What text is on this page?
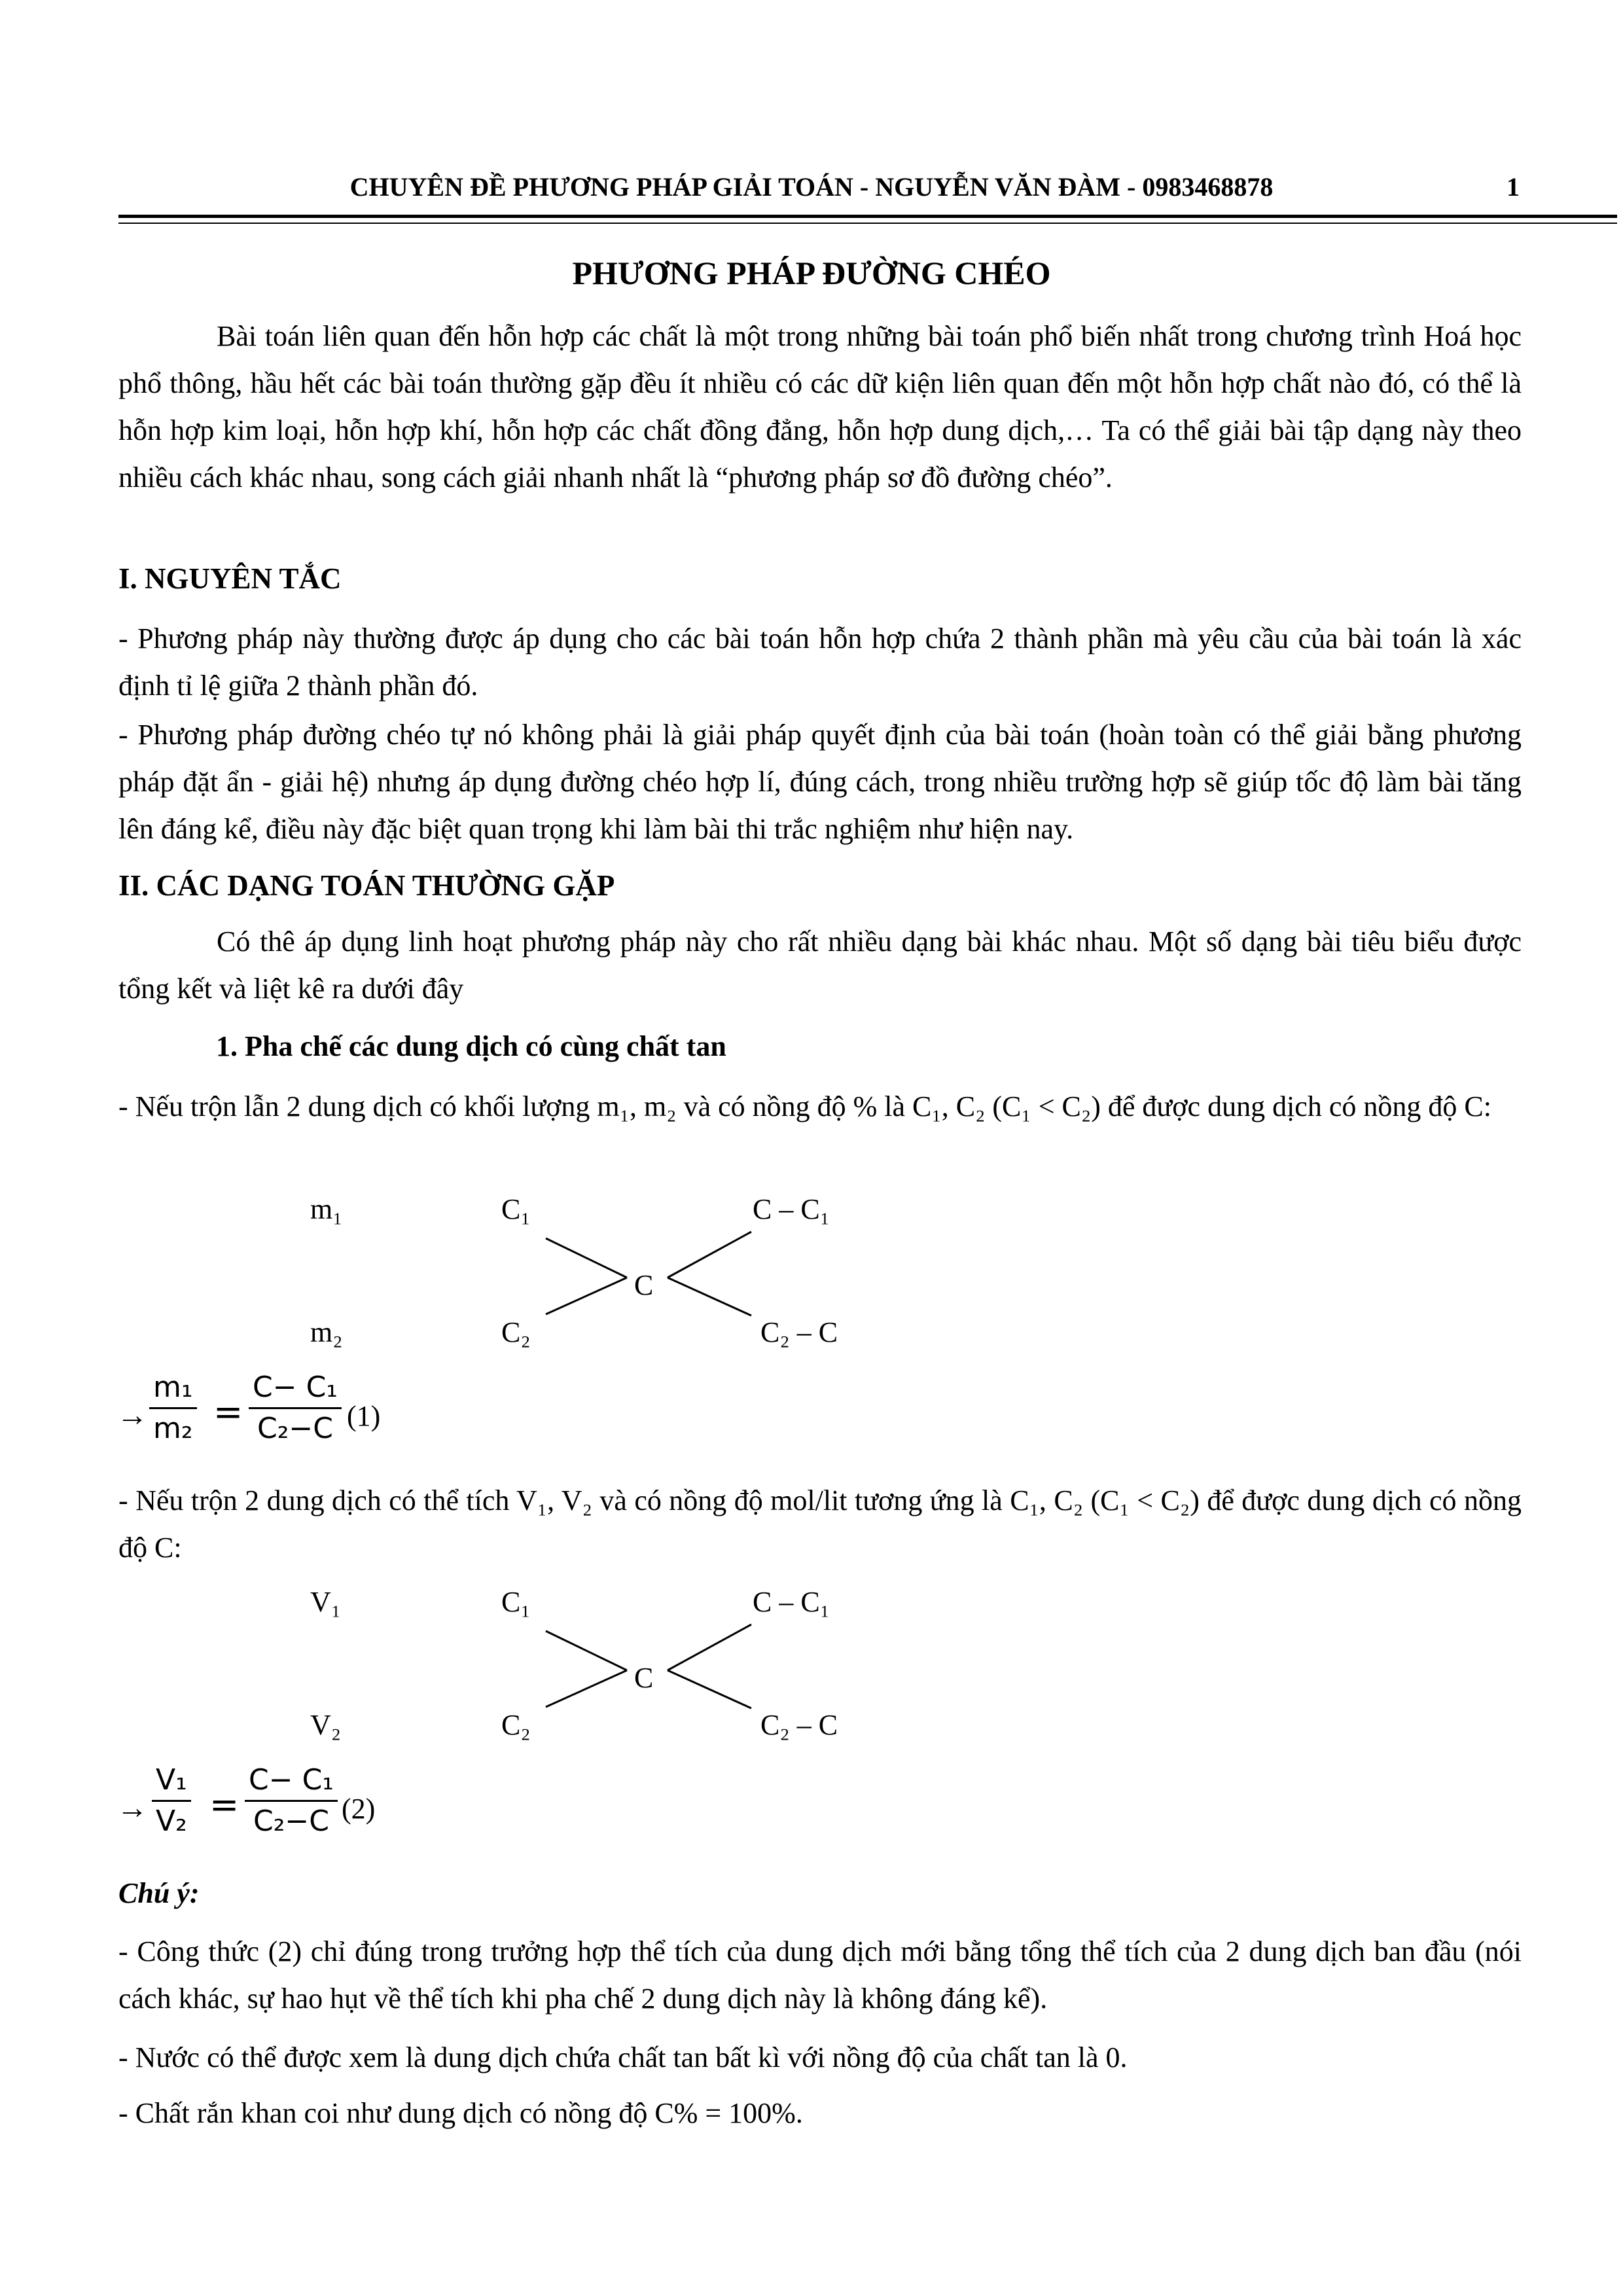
CHUYÊN ĐỀ PHƯƠNG PHÁP GIẢI TOÁN - NGUYỄN VĂN ĐÀM - 0983468878	1
PHƯƠNG PHÁP ĐƯỜNG CHÉO
Bài toán liên quan đến hỗn hợp các chất là một trong những bài toán phổ biến nhất trong chương trình Hoá học phổ thông, hầu hết các bài toán thường gặp đều ít nhiều có các dữ kiện liên quan đến một hỗn hợp chất nào đó, có thể là hỗn hợp kim loại, hỗn hợp khí, hỗn hợp các chất đồng đẳng, hỗn hợp dung dịch,… Ta có thể giải bài tập dạng này theo nhiều cách khác nhau, song cách giải nhanh nhất là “phương pháp sơ đồ đường chéo”.
I. NGUYÊN TẮC
- Phương pháp này thường được áp dụng cho các bài toán hỗn hợp chứa 2 thành phần mà yêu cầu của bài toán là xác định tỉ lệ giữa 2 thành phần đó.
- Phương pháp đường chéo tự nó không phải là giải pháp quyết định của bài toán (hoàn toàn có thể giải bằng phương pháp đặt ẩn - giải hệ) nhưng áp dụng đường chéo hợp lí, đúng cách, trong nhiều trường hợp sẽ giúp tốc độ làm bài tăng lên đáng kể, điều này đặc biệt quan trọng khi làm bài thi trắc nghiệm như hiện nay.
II. CÁC DẠNG TOÁN THƯỜNG GẶP
Có thê áp dụng linh hoạt phương pháp này cho rất nhiều dạng bài khác nhau. Một số dạng bài tiêu biểu được tổng kết và liệt kê ra dưới đây
1. Pha chế các dung dịch có cùng chất tan
- Nếu trộn lẫn 2 dung dịch có khối lượng m₁, m₂ và có nồng độ % là C₁, C₂ (C₁ < C₂) để được dung dịch có nồng độ C:
m₁	C₁	C – C₁
C
m₂	C₂	C₂ – C
→
m₁
m₂ =
C− C₁
C₂−C (1)
- Nếu trộn 2 dung dịch có thể tích V₁, V₂ và có nồng độ mol/lit tương ứng là C₁, C₂ (C₁ < C₂) để được dung dịch có nồng độ C:
V₁	C₁	C – C₁
C
V₂	C₂	C₂ – C
→
V₁
V₂ =
C− C₁
C₂−C (2)
Chú ý:
- Công thức (2) chỉ đúng trong trưởng hợp thể tích của dung dịch mới bằng tổng thể tích của 2 dung dịch ban đầu (nói cách khác, sự hao hụt về thể tích khi pha chế 2 dung dịch này là không đáng kể).
- Nước có thể được xem là dung dịch chứa chất tan bất kì với nồng độ của chất tan là 0.
- Chất rắn khan coi như dung dịch có nồng độ C% = 100%.
